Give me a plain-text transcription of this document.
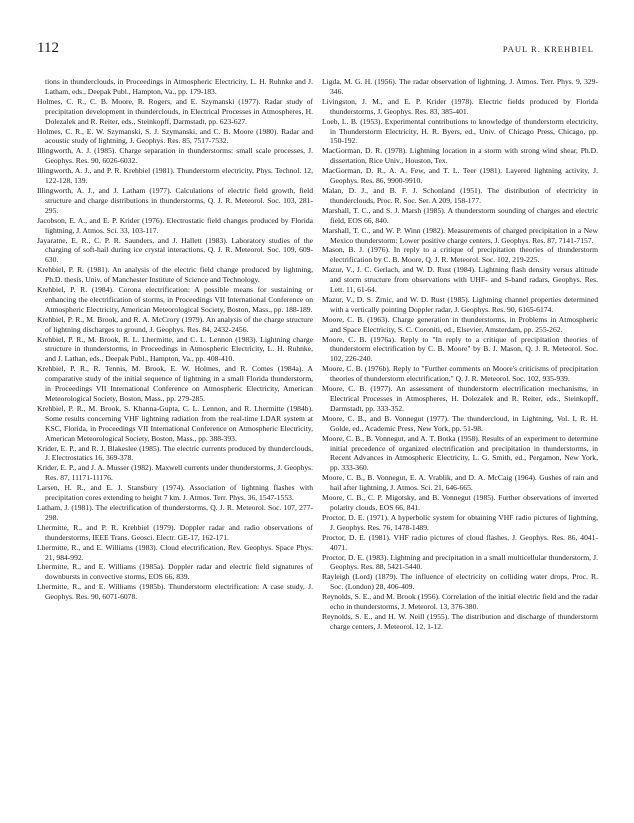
112	PAUL R. KREHBIEL

tions in thunderclouds, in Proceedings in Atmospheric Electricity, L. H. Ruhnke and J. Latham, eds., Deepak Publ., Hampton, Va., pp. 179-183.

Holmes, C. R., C. B. Moore, R. Rogers, and E. Szymanski (1977). Radar study of precipitation development in thunderclouds, in Electrical Processes in Atmospheres, H. Dolezalek and R. Reiter, eds., Steinkopff, Darmstadt, pp. 623-627.

Holmes, C. R., E. W. Szymanski, S. J. Szymanski, and C. B. Moore (1980). Radar and acoustic study of lightning, J. Geophys. Res. 85, 7517-7532.

Illingworth, A. J. (1985). Charge separation in thunderstorms: small scale processes, J. Geophys. Res. 90, 6026-6032.

Illingworth, A. J., and P. R. Krehbiel (1981). Thunderstorm electricity, Phys. Technol. 12, 122-128, 139.

Illingworth, A. J., and J. Latham (1977). Calculations of electric field growth, field structure and charge distributions in thunderstorms, Q. J. R. Meteorol. Soc. 103, 281-295.

Jacobson, E. A., and E. P. Krider (1976). Electrostatic field changes produced by Florida lightning, J. Atmos. Sci. 33, 103-117.

Jayaratne, E. R., C. P. R. Saunders, and J. Hallett (1983). Laboratory studies of the charging of soft-hail during ice crystal interactions, Q. J. R. Meteorol. Soc. 109, 609-630.

Krehbiel, P. R. (1981). An analysis of the electric field change produced by lightning, Ph.D. thesis, Univ. of Manchester Institute of Science and Technology.

Krehbiel, P. R. (1984). Corona electrification: A possible means for sustaining or enhancing the electrification of storms, in Proceedings VII International Conference on Atmospheric Electricity, American Meteorological Society, Boston, Mass., pp. 188-189.

Krehbiel, P. R., M. Brook, and R. A. McCrory (1979). An analysis of the charge structure of lightning discharges to ground, J. Geophys. Res. 84, 2432-2456.

Krehbiel, P. R., M. Brook, R. L. Lhermitte, and C. L. Lennon (1983). Lightning charge structure in thunderstorms, in Proceedings in Atmospheric Electricity, L. H. Ruhnke, and J. Lathan, eds., Deepak Publ., Hampton, Va., pp. 408-410.

Krehbiel, P. R., R. Tennis, M. Brook, E. W. Holmes, and R. Comes (1984a). A comparative study of the initial sequence of lightning in a small Florida thunderstorm, in Proceedings VII International Conference on Atmospheric Electricity, American Meteorological Society, Boston, Mass., pp. 279-285.

Krehbiel, P. R., M. Brook, S. Khanna-Gupta, C. L. Lennon, and R. Lhermitte (1984b). Some results concerning VHF lightning radiation from the real-time LDAR system at KSC, Florida, in Proceedings VII International Conference on Atmospheric Electricity, American Meteorological Society, Boston, Mass., pp. 388-393.

Krider, E. P., and R. J. Blakeslee (1985). The electric currents produced by thunderclouds, J. Electrostatics 16, 369-378.

Krider, E. P., and J. A. Musser (1982). Maxwell currents under thunderstorms, J. Geophys. Res. 87, 11171-11176.

Larsen, H. R., and E. J. Stansbury (1974). Association of lightning flashes with precipitation cores extending to height 7 km. J. Atmos. Terr. Phys. 36, 1547-1553.

Latham, J. (1981). The electrification of thunderstorms, Q. J. R. Meteorol. Soc. 107, 277-298.

Lhermitte, R., and P. R. Krehbiel (1979). Doppler radar and radio observations of thunderstorms, IEEE Trans. Geosci. Electr. GE-17, 162-171.

Lhermitte, R., and E. Williams (1983). Cloud electrification, Rev. Geophys. Space Phys. 21, 984-992.

Lhermitte, R., and E. Williams (1985a). Doppler radar and electric field signatures of downbursts in convective storms, EOS 66, 839.

Lhermitte, R., and E. Williams (1985b). Thunderstorm electrification: A case study, J. Geophys. Res. 90, 6071-6078.

Ligda, M. G. H. (1956). The radar observation of lightning, J. Atmos. Terr. Phys. 9, 329-346.

Livingston, J. M., and E. P. Krider (1978). Electric fields produced by Florida thunderstorms, J. Geophys. Res. 83, 385-401.

Loeb, L. B. (1953). Experimental contributions to knowledge of thunderstorm electricity, in Thunderstorm Electricity, H. R. Byers, ed., Univ. of Chicago Press, Chicago, pp. 150-192.

MacGorman, D. R. (1978). Lightning location in a storm with strong wind shear, Ph.D. dissertation, Rice Univ., Houston, Tex.

MacGorman, D. R., A. A. Few, and T. L. Teer (1981). Layered lightning activity, J. Geophys. Res. 86, 9900-9910.

Malan, D. J., and B. F. J. Schonland (1951). The distribution of electricity in thunderclouds, Proc. R. Soc. Ser. A 209, 158-177.

Marshall, T. C., and S. J. Marsh (1985). A thunderstorm sounding of charges and electric field, EOS 66, 840.

Marshall, T. C., and W. P. Winn (1982). Measurements of charged precipitation in a New Mexico thunderstorm: Lower positive charge centers, J. Geophys. Res. 87, 7141-7157.

Mason, B. J. (1976). In reply to a critique of precipitation theories of thunderstorm electrification by C. B. Moore, Q. J. R. Meteorol. Soc. 102, 219-225.

Mazur, V., J. C. Gerlach, and W. D. Rust (1984). Lightning flash density versus altitude and storm structure from observations with UHF- and S-band radars, Geophys. Res. Lett. 11, 61-64.

Mazur, V., D. S. Zrnic, and W. D. Rust (1985). Lightning channel properties determined with a vertically pointing Doppler radar, J. Geophys. Res. 90, 6165-6174.

Moore, C. B. (1963). Charge generation in thunderstorms, in Problems in Atmospheric and Space Electricity, S. C. Coroniti, ed., Elsevier, Amsterdam, pp. 255-262.

Moore, C. B. (1976a). Reply to "In reply to a critique of precipitation theories of thunderstorm electrification by C. B. Moore" by B. J. Mason, Q. J. R. Meteorol. Soc. 102, 226-240.

Moore, C. B. (1976b). Reply to "Further comments on Moore's criticisms of precipitation theories of thunderstorm electrification," Q. J. R. Meteorol. Soc. 102, 935-939.

Moore, C. B. (1977). An assessment of thunderstorm electrification mechanisms, in Electrical Processes in Atmospheres, H. Dolezalek and R. Reiter, eds., Steinkopff, Darmstadt, pp. 333-352.

Moore, C. B., and B. Vonnegut (1977). The thundercloud, in Lightning, Vol. I, R. H. Golde, ed., Academic Press, New York, pp. 51-98.

Moore, C. B., B. Vonnegut, and A. T. Botka (1958). Results of an experiment to determine initial precedence of organized electrification and precipitation in thunderstorms, in Recent Advances in Atmospheric Electricity, L. G. Smith, ed., Pergamon, New York, pp. 333-360.

Moore, C. B., B. Vonnegut, E. A. Vrablik, and D. A. McCaig (1964). Gushes of rain and hail after lightning, J. Atmos. Sci. 21, 646-665.

Moore, C. B., C. P. Migotsky, and B. Vonnegut (1985). Further observations of inverted polarity clouds, EOS 66, 841.

Proctor, D. E. (1971). A hyperbolic system for obtaining VHF radio pictures of lightning, J. Geophys. Res. 76, 1478-1489.

Proctor, D. E. (1981). VHF radio pictures of cloud flashes, J. Geophys. Res. 86, 4041-4071.

Proctor, D. E. (1983). Lightning and precipitation in a small multicellular thunderstorm, J. Geophys. Res. 88, 5421-5440.

Rayleigh (Lord) (1879). The influence of electricity on colliding water drops, Proc. R. Soc. (London) 28, 406-409.

Reynolds, S. E., and M. Brook (1956). Correlation of the initial electric field and the radar echo in thunderstorms, J. Meteorol. 13, 376-380.

Reynolds, S. E., and H. W. Neill (1955). The distribution and discharge of thunderstorm charge centers, J. Meteorol. 12, 1-12.
